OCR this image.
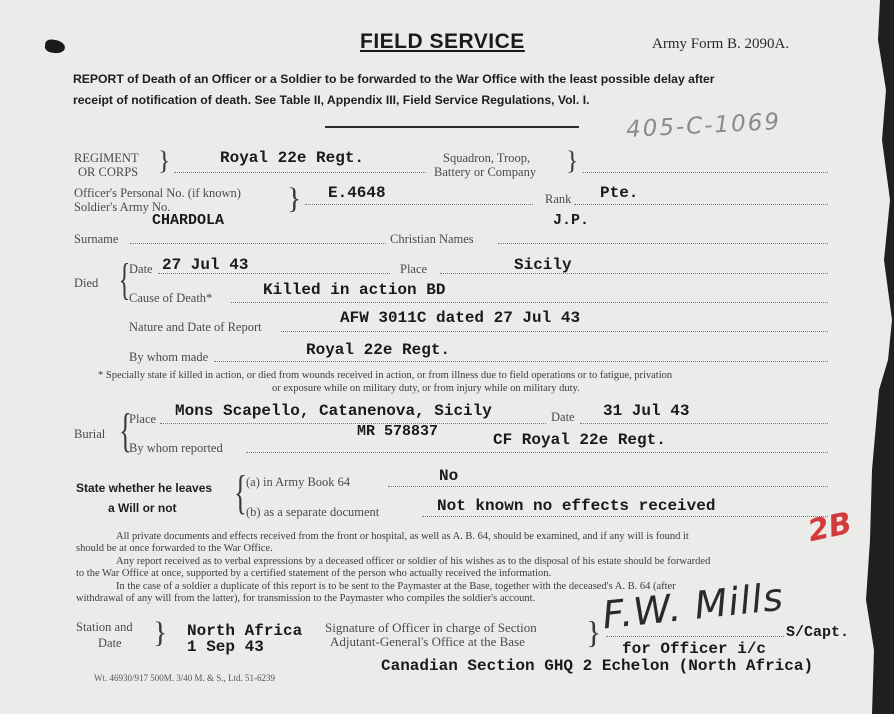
FIELD SERVICE	Army Form B. 2090A.
REPORT of Death of an Officer or a Soldier to be forwarded to the War Office with the least possible delay after
receipt of notification of death. See Table II, Appendix III, Field Service Regulations, Vol. I.
405-C-1069
REGIMENT
OR CORPS }	Royal 22e Regt.	Squadron, Troop,
Battery or Company }
Officer's Personal No. (if known)
Soldier's Army No.	} E.4648	Rank Pte.
CHARDOLA	J.P.
Surname	Christian Names
Died {
Date 27 Jul 43	Place	Sicily
Cause of Death*	Killed in action BD
Nature and Date of Report	AFW 3011C dated 27 Jul 43
By whom made	Royal 22e Regt.
* Specially state if killed in action, or died from wounds received in action, or from illness due to field operations or to fatigue, privation
or exposure while on military duty, or from injury while on military duty.
Burial {
Place Mons Scapello, Catanenova, Sicily	Date 31 Jul 43
MR 578837
By whom reported	CF Royal 22e Regt.
State whether he leaves
a Will or not { (a) in Army Book 64	No
(b) as a separate document	Not known no effects received	2B
All private documents and effects received from the front or hospital, as well as A. B. 64, should be examined, and if any will is found it
should be at once forwarded to the War Office.
Any report received as to verbal expressions by a deceased officer or soldier of his wishes as to the disposal of his estate should be forwarded
to the War Office at once, supported by a certified statement of the person who actually received the information.
In the case of a soldier a duplicate of this report is to be sent to the Paymaster at the Base, together with the deceased's A. B. 64 (after
withdrawal of any will from the latter), for transmission to the Paymaster who compiles the soldier's account.
Station and
Date } North Africa
1 Sep 43
Signature of Officer in charge of Section
Adjutant-General's Office at the Base }
F.W. Mills S/Capt.
for Officer i/c
Canadian Section GHQ 2 Echelon (North Africa)
Wt. 46930/917 500M. 3/40 M. & S., Ltd. 51-6239
